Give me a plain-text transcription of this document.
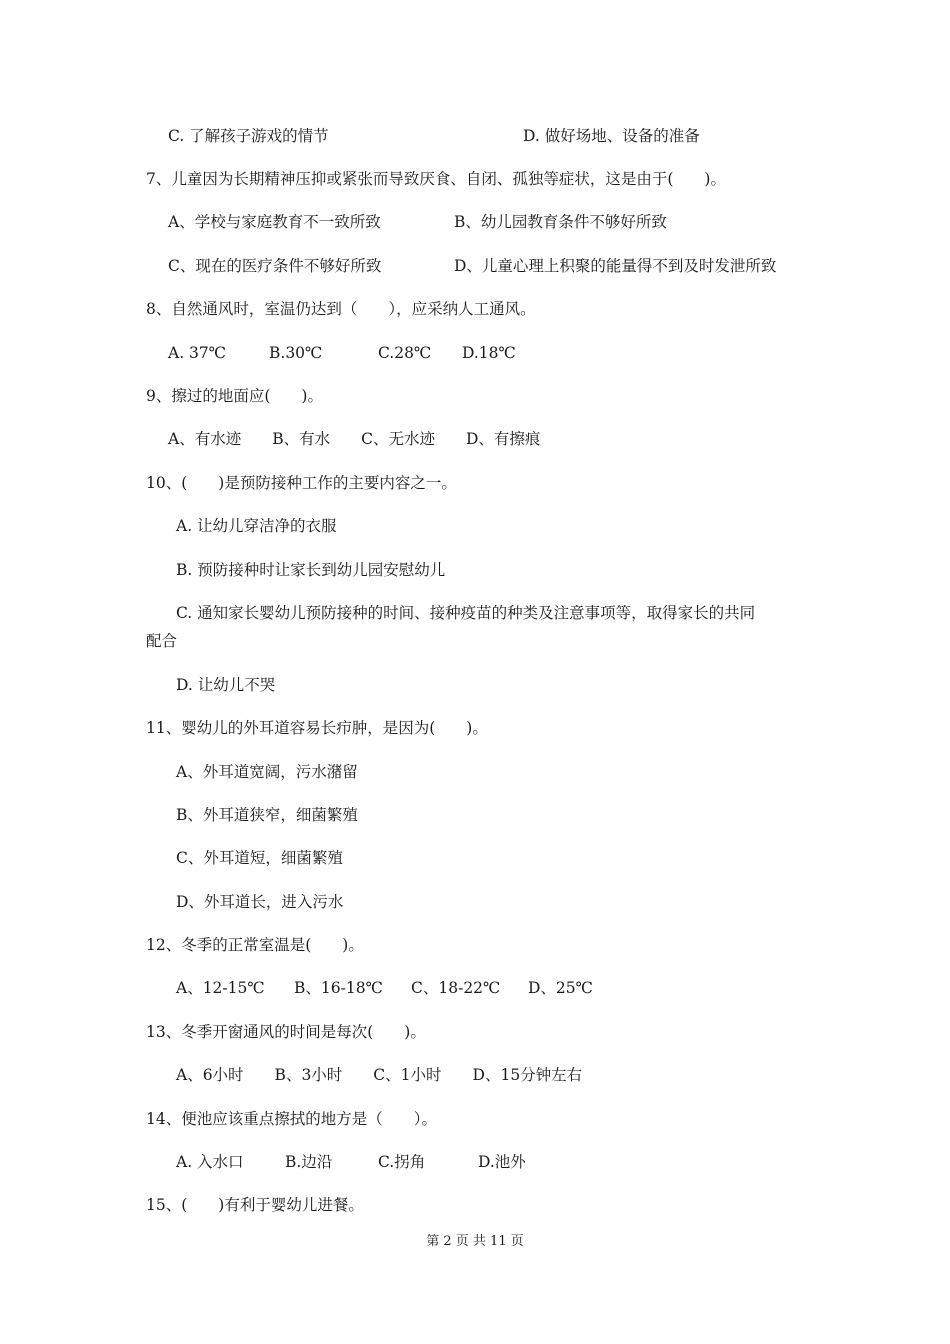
C. 了解孩子游戏的情节	D. 做好场地、设备的准备
7、儿童因为长期精神压抑或紧张而导致厌食、自闭、孤独等症状，这是由于(　　)。
A、学校与家庭教育不一致所致	B、幼儿园教育条件不够好所致
C、现在的医疗条件不够好所致	D、儿童心理上积聚的能量得不到及时发泄所致
8、自然通风时，室温仍达到（　　），应采纳人工通风。
A. 37℃	B.30℃	C.28℃ D.18℃
9、擦过的地面应(　　)。
A、有水迹　　B、有水　　C、无水迹　　D、有擦痕
10、(　　)是预防接种工作的主要内容之一。
A. 让幼儿穿洁净的衣服
B. 预防接种时让家长到幼儿园安慰幼儿
C. 通知家长婴幼儿预防接种的时间、接种疫苗的种类及注意事项等，取得家长的共同
配合
D. 让幼儿不哭
11、婴幼儿的外耳道容易长疖肿，是因为(　　)。
A、外耳道宽阔，污水潴留
B、外耳道狭窄，细菌繁殖
C、外耳道短，细菌繁殖
D、外耳道长，进入污水
12、冬季的正常室温是(　　)。
A、12-15℃ B、16-18℃ C、18-22℃ D、25℃
13、冬季开窗通风的时间是每次(　　)。
A、6小时　　B、3小时　　C、1小时　　D、15分钟左右
14、便池应该重点擦拭的地方是（　　）。
A. 入水口	B.边沿	C.拐角	D.池外
15、(　　)有利于婴幼儿进餐。
第 2 页 共 11 页
